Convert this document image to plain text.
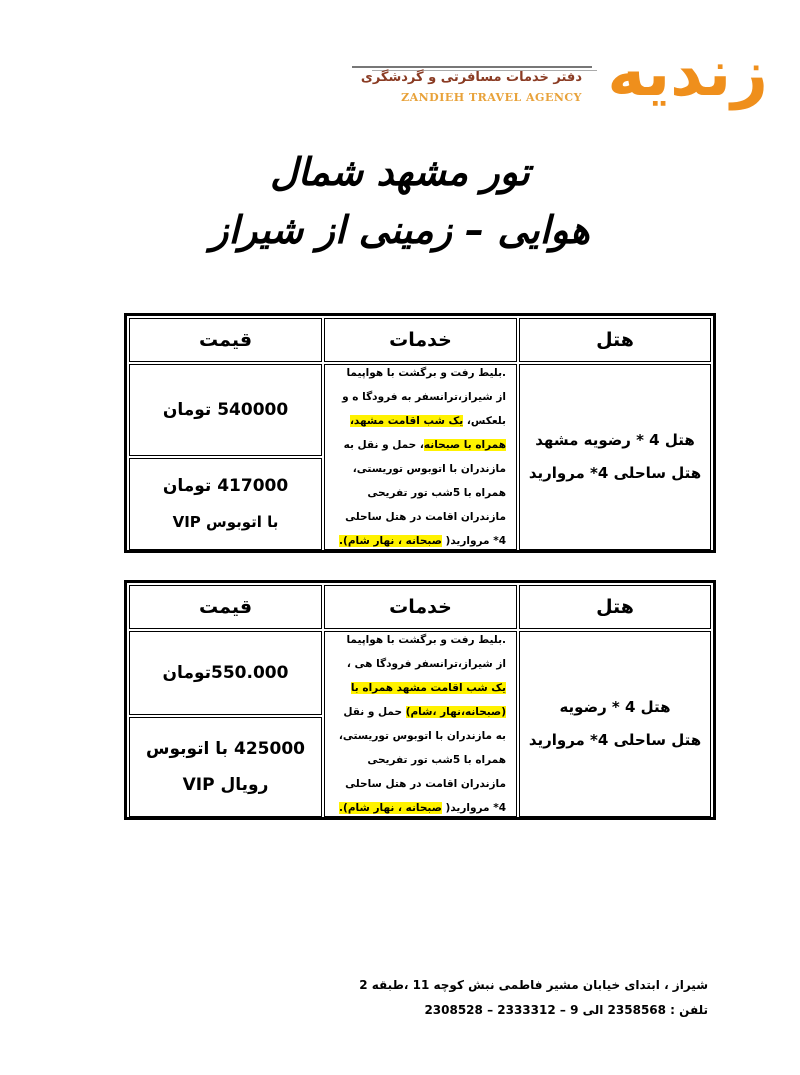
زندیه
دفتر خدمات مسافرتی و گردشگری
ZANDIEH TRAVEL AGENCY
تور مشهد شمال
هوایی – زمینی از شیراز
هتل
خدمات
قیمت
هتل 4 * رضویه مشهد
هتل ساحلی 4* مروارید
.بلیط رفت و برگشت با هواپیما از شیراز،ترانسفر به فرودگا ه و بلعکس، یک شب اقامت مشهد، همراه با صبحانه، حمل و نقل به مازندران با اتوبوس توریستی، همراه با 5شب تور تفریحی مازندران اقامت در هتل ساحلی 4* مروارید( صبحانه ، نهار شام).
540000 تومان
417000 تومان
با اتوبوس VIP
هتل
خدمات
قیمت
هتل 4 * رضویه
هتل ساحلی 4* مروارید
.بلیط رفت و برگشت با هواپیما از شیراز،ترانسفر فرودگا هی ، یک شب اقامت مشهد همراه با (صبحانه،نهار ،شام) حمل و نقل به مازندران با اتوبوس توریستی، همراه با 5شب تور تفریحی مازندران اقامت در هتل ساحلی 4* مروارید( صبحانه ، نهار شام).
550.000تومان
425000 با اتوبوس
رویال VIP
شیراز ، ابتدای خیابان مشیر فاطمی نبش کوچه 11 ،طبقه 2
تلفن : 2358568 الی 9 – 2333312 – 2308528
